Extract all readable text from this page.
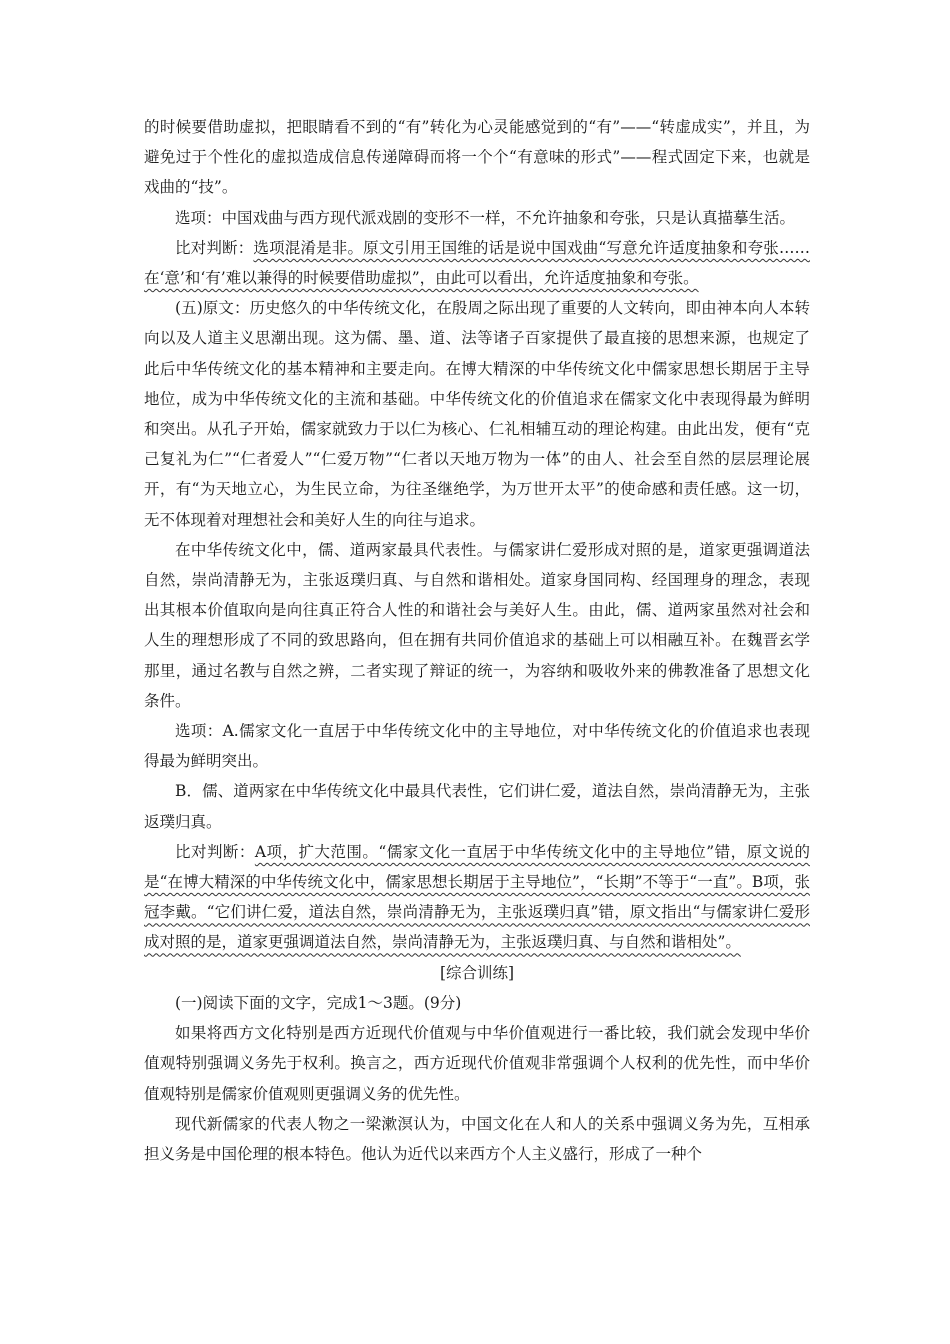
的时候要借助虚拟，把眼睛看不到的“有”转化为心灵能感觉到的“有”——“转虚成实”，并且，为避免过于个性化的虚拟造成信息传递障碍而将一个个“有意味的形式”——程式固定下来，也就是戏曲的“技”。

选项：中国戏曲与西方现代派戏剧的变形不一样，不允许抽象和夸张，只是认真描摹生活。

比对判断：选项混淆是非。原文引用王国维的话是说中国戏曲“写意允许适度抽象和夸张……在‘意’和‘有’难以兼得的时候要借助虚拟”，由此可以看出，允许适度抽象和夸张。

(五)原文：历史悠久的中华传统文化，在殷周之际出现了重要的人文转向，即由神本向人本转向以及人道主义思潮出现。这为儒、墨、道、法等诸子百家提供了最直接的思想来源，也规定了此后中华传统文化的基本精神和主要走向。在博大精深的中华传统文化中儒家思想长期居于主导地位，成为中华传统文化的主流和基础。中华传统文化的价值追求在儒家文化中表现得最为鲜明和突出。从孔子开始，儒家就致力于以仁为核心、仁礼相辅互动的理论构建。由此出发，便有“克己复礼为仁”“仁者爱人”“仁爱万物”“仁者以天地万物为一体”的由人、社会至自然的层层理论展开，有“为天地立心，为生民立命，为往圣继绝学，为万世开太平”的使命感和责任感。这一切，无不体现着对理想社会和美好人生的向往与追求。

在中华传统文化中，儒、道两家最具代表性。与儒家讲仁爱形成对照的是，道家更强调道法自然，崇尚清静无为，主张返璞归真、与自然和谐相处。道家身国同构、经国理身的理念，表现出其根本价值取向是向往真正符合人性的和谐社会与美好人生。由此，儒、道两家虽然对社会和人生的理想形成了不同的致思路向，但在拥有共同价值追求的基础上可以相融互补。在魏晋玄学那里，通过名教与自然之辨，二者实现了辩证的统一，为容纳和吸收外来的佛教准备了思想文化条件。

选项：A.儒家文化一直居于中华传统文化中的主导地位，对中华传统文化的价值追求也表现得最为鲜明突出。

B．儒、道两家在中华传统文化中最具代表性，它们讲仁爱，道法自然，崇尚清静无为，主张返璞归真。

比对判断：A项，扩大范围。“儒家文化一直居于中华传统文化中的主导地位”错，原文说的是“在博大精深的中华传统文化中，儒家思想长期居于主导地位”，“长期”不等于“一直”。B项，张冠李戴。“它们讲仁爱，道法自然，崇尚清静无为，主张返璞归真”错，原文指出“与儒家讲仁爱形成对照的是，道家更强调道法自然，崇尚清静无为，主张返璞归真、与自然和谐相处”。

[综合训练]

(一)阅读下面的文字，完成1～3题。(9分)

如果将西方文化特别是西方近现代价值观与中华价值观进行一番比较，我们就会发现中华价值观特别强调义务先于权利。换言之，西方近现代价值观非常强调个人权利的优先性，而中华价值观特别是儒家价值观则更强调义务的优先性。

现代新儒家的代表人物之一梁漱溟认为，中国文化在人和人的关系中强调义务为先，互相承担义务是中国伦理的根本特色。他认为近代以来西方个人主义盛行，形成了一种个
